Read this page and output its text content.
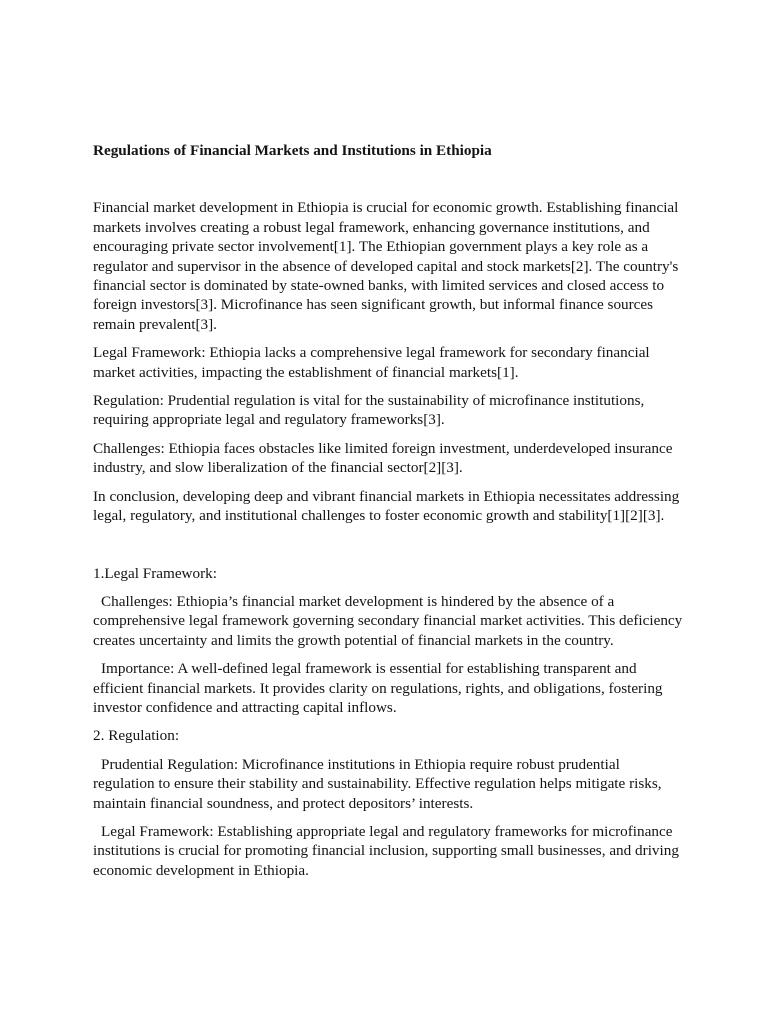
Regulations of Financial Markets and Institutions in Ethiopia

Financial market development in Ethiopia is crucial for economic growth. Establishing financial markets involves creating a robust legal framework, enhancing governance institutions, and encouraging private sector involvement[1]. The Ethiopian government plays a key role as a regulator and supervisor in the absence of developed capital and stock markets[2]. The country's financial sector is dominated by state-owned banks, with limited services and closed access to foreign investors[3]. Microfinance has seen significant growth, but informal finance sources remain prevalent[3].

Legal Framework: Ethiopia lacks a comprehensive legal framework for secondary financial market activities, impacting the establishment of financial markets[1].

Regulation: Prudential regulation is vital for the sustainability of microfinance institutions, requiring appropriate legal and regulatory frameworks[3].

Challenges: Ethiopia faces obstacles like limited foreign investment, underdeveloped insurance industry, and slow liberalization of the financial sector[2][3].

In conclusion, developing deep and vibrant financial markets in Ethiopia necessitates addressing legal, regulatory, and institutional challenges to foster economic growth and stability[1][2][3].

1.Legal Framework:

Challenges: Ethiopia’s financial market development is hindered by the absence of a comprehensive legal framework governing secondary financial market activities. This deficiency creates uncertainty and limits the growth potential of financial markets in the country.

Importance: A well-defined legal framework is essential for establishing transparent and efficient financial markets. It provides clarity on regulations, rights, and obligations, fostering investor confidence and attracting capital inflows.

2. Regulation:

Prudential Regulation: Microfinance institutions in Ethiopia require robust prudential regulation to ensure their stability and sustainability. Effective regulation helps mitigate risks, maintain financial soundness, and protect depositors’ interests.

Legal Framework: Establishing appropriate legal and regulatory frameworks for microfinance institutions is crucial for promoting financial inclusion, supporting small businesses, and driving economic development in Ethiopia.
